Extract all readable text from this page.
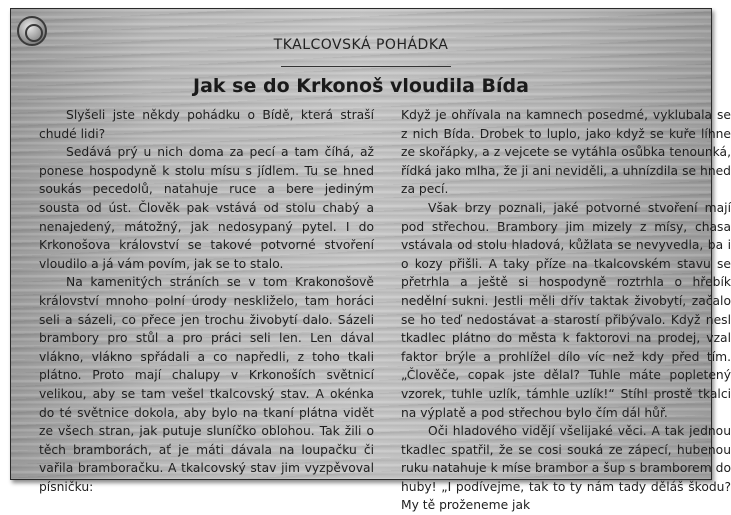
TKALCOVSKÁ POHÁDKA
Jak se do Krkonoš vloudila Bída

Slyšeli jste někdy pohádku o Bídě, která straší chudé lidi?

Sedává prý u nich doma za pecí a tam číhá, až ponese hospodyně k stolu mísu s jídlem. Tu se hned soukás pecedolů, natahuje ruce a bere jediným sousta od úst. Člověk pak vstává od stolu chabý a nenajedený, mátožný, jak nedosypaný pytel. I do Krkonošova království se takové potvorné stvoření vloudilo a já vám povím, jak se to stalo.

Na kamenitých stráních se v tom Krakonošově království mnoho polní úrody neskliželo, tam horáci seli a sázeli, co přece jen trochu živobytí dalo. Sázeli brambory pro stůl a pro práci seli len. Len dával vlákno, vlákno spřádali a co napředli, z toho tkali plátno. Proto mají chalupy v Krkonoších světnicí velikou, aby se tam vešel tkalcovský stav. A okénka do té světnice dokola, aby bylo na tkaní plátna vidět ze všech stran, jak putuje sluníčko oblohou. Tak žili o těch bramborách, ať je máti dávala na loupačku či vařila bramboračku. A tkalcovský stav jim vyzpěvoval písničku:

Když je ohřívala na kamnech posedmé, vyklubala se z nich Bída. Drobek to luplo, jako když se kuře líhne ze skořápky, a z vejcete se vytáhla osůbka tenounká, řídká jako mlha, že ji ani neviděli, a uhnízdila se hned za pecí.

Však brzy poznali, jaké potvorné stvoření mají pod střechou. Brambory jim mizely z mísy, chasa vstávala od stolu hladová, kůžlata se nevyvedla, ba i o kozy přišli. A taky příze na tkalcovském stavu se přetrhla a ještě si hospodyně roztrhla o hřebík nedělní sukni. Jestli měli dřív taktak živobytí, začalo se ho teď nedostávat a starostí přibývalo. Když nesl tkadlec plátno do města k faktorovi na prodej, vzal faktor brýle a prohlížel dílo víc než kdy před tím. „Člověče, copak jste dělal? Tuhle máte popletený vzorek, tuhle uzlík, támhle uzlík!“ Stíhl prostě tkalci na výplatě a pod střechou bylo čím dál hůř.

Oči hladového vidějí všelijaké věci. A tak jednou tkadlec spatřil, že se cosi souká ze zápecí, hubenou ruku natahuje k míse brambor a šup s bramborem do huby! „I podívejme, tak to ty nám tady děláš škodu? My tě proženeme jak
